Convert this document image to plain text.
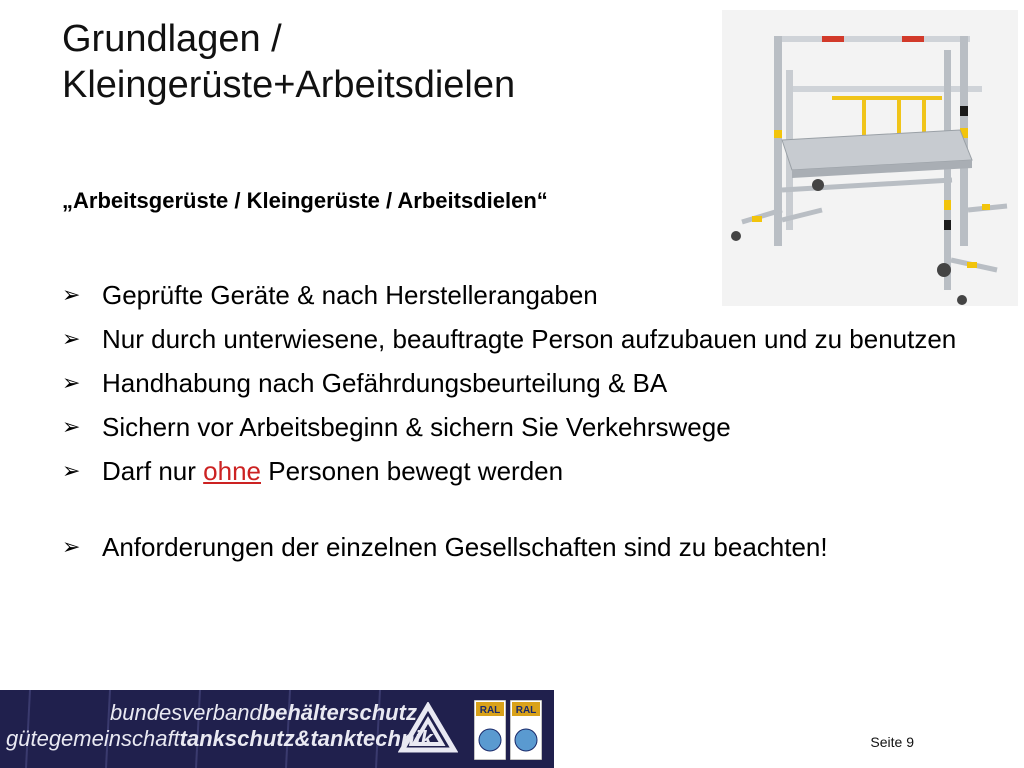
Grundlagen /
Kleingerüste+Arbeitsdielen
„Arbeitsgerüste / Kleingerüste / Arbeitsdielen“
➢ Geprüfte Geräte & nach Herstellerangaben
➢ Nur durch unterwiesene, beauftragte Person aufzubauen und zu benutzen
➢ Handhabung nach Gefährdungsbeurteilung & BA
➢ Sichern vor Arbeitsbeginn & sichern Sie Verkehrswege
➢ Darf nur ohne Personen bewegt werden
➢ Anforderungen der einzelnen Gesellschaften sind zu beachten!
bundesverbandbehälterschutz
gütegemeinschafttankschutz&tanktechnik
RAL RAL
Seite 9
